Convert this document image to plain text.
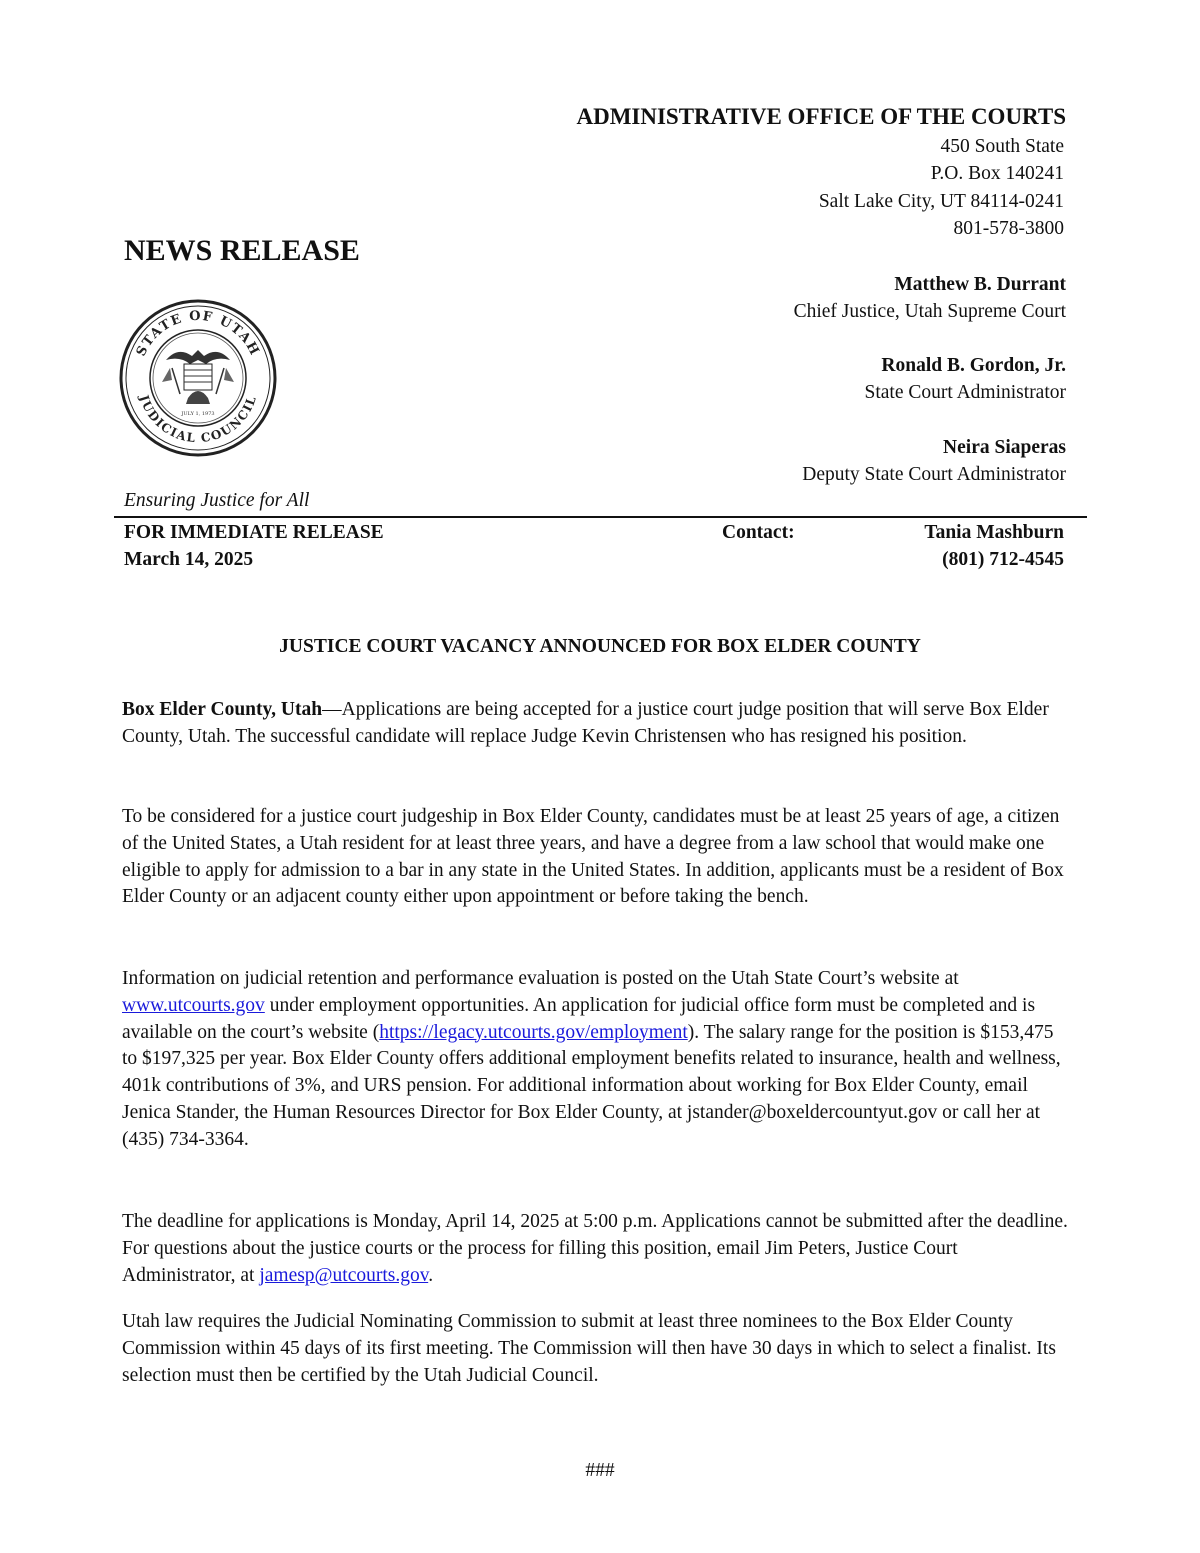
ADMINISTRATIVE OFFICE OF THE COURTS
450 South State
P.O. Box 140241
Salt Lake City, UT 84114-0241
801-578-3800
NEWS RELEASE
Matthew B. Durrant
Chief Justice, Utah Supreme Court
Ronald B. Gordon, Jr.
State Court Administrator
Neira Siaperas
Deputy State Court Administrator
STATE OF UTAH
JUDICIAL COUNCIL
JULY 1, 1973
Ensuring Justice for All
FOR IMMEDIATE RELEASE
March 14, 2025
Contact:	Tania Mashburn
(801) 712-4545
JUSTICE COURT VACANCY ANNOUNCED FOR BOX ELDER COUNTY

Box Elder County, Utah—Applications are being accepted for a justice court judge position that will serve Box Elder County, Utah. The successful candidate will replace Judge Kevin Christensen who has resigned his position.

To be considered for a justice court judgeship in Box Elder County, candidates must be at least 25 years of age, a citizen of the United States, a Utah resident for at least three years, and have a degree from a law school that would make one eligible to apply for admission to a bar in any state in the United States. In addition, applicants must be a resident of Box Elder County or an adjacent county either upon appointment or before taking the bench.

Information on judicial retention and performance evaluation is posted on the Utah State Court’s website at www.utcourts.gov under employment opportunities. An application for judicial office form must be completed and is available on the court’s website (https://legacy.utcourts.gov/employment). The salary range for the position is $153,475 to $197,325 per year. Box Elder County offers additional employment benefits related to insurance, health and wellness, 401k contributions of 3%, and URS pension. For additional information about working for Box Elder County, email Jenica Stander, the Human Resources Director for Box Elder County, at jstander@boxeldercountyut.gov or call her at (435) 734-3364.

The deadline for applications is Monday, April 14, 2025 at 5:00 p.m. Applications cannot be submitted after the deadline. For questions about the justice courts or the process for filling this position, email Jim Peters, Justice Court Administrator, at jamesp@utcourts.gov.

Utah law requires the Judicial Nominating Commission to submit at least three nominees to the Box Elder County Commission within 45 days of its first meeting. The Commission will then have 30 days in which to select a finalist. Its selection must then be certified by the Utah Judicial Council.

###
